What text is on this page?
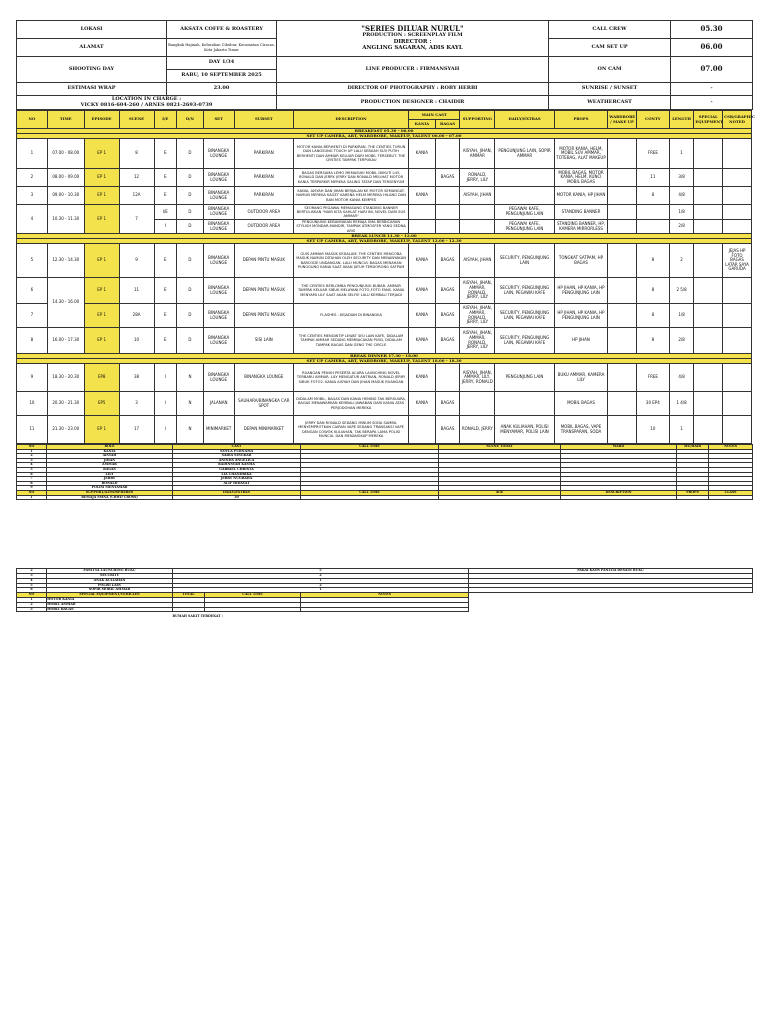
LOKASI	AKSATA COFFE & ROASTERY	"SERIES DILUAR NURUL"
PRODUCTION : SCREENPLAY FILM
DIRECTOR :
ANGLING SAGARAN, ADIS KAYL	CALL CREW	05.30
ALAMAT	Bangkok Hajinah, Kelurahan Cibubur, Kecamatan Ciracas, Kota Jakarta Timur		CAM SET UP	06.00
SHOOTING DAY	DAY 1/34	LINE PRODUCER : FIRMANSYAH	ON CAM	07.00
	RABU, 10 SEPTEMBER 2025			
ESTIMASI WRAP	23.00	DIRECTOR OF PHOTOGRAPHY : ROBY HERBI	SUNRISE / SUNSET	-

LOCATION IN CHARGE :
VICKY 0816-604-260 / ARNES 0821-2693-0739		PRODUCTION DESIGNER : CHAIDIR	WEATHERCAST	-
NO	TIME	EPISODE	SCENE	I/E	D/N	SET	SUBSET	DESCRIPTION	MAIN CAST		SUPPORTING	DAILY/EXTRAS	PROPS	WARDROBE / MAKE UP	CONTY	LENGTH	SPECIAL EQUIPMENT	CSR/GRAPHIC NOTED
									KANIA	BAGAS								
BREAKFAST 05.30 - 06.00																		
SET UP CAMERA, ART, WARDROBE, MAKEUP, TALENT 06.00 - 07.00																		
1	07.00 - 08.00	EP 1	8	E	D	BINANGKA LOUNGE	PARKIRAN	MOTOR KANIA BERHENTI DI PARKIRAN. THE CENTIES TURUN DAN LANGSUNG TOUCH UP LALU SEBUAH SUV PUTIH BERHENTI DAN AMMAR KELUAR DARI MOBIL TERSEBUT. THE CENTIES TAMPAK TERPUKAU	KANIA		AISYAH, JIHAN, AMMAR	PENGUNJUNG LAIN, SOPIR AMMAR	MOTOR KANIA, HELM, MOBIL SUV AMMAR, TOTEBAG, ALAT MAKEUP		FREE	1		
2	08.00 - 09.00	EP 1	12	E	D	BINANGKA LOUNGE	PARKIRAN	BAGAS BERSAMA LEMO MEMASUKI MOBIL DIIKUTI LILY, RONALD DAN JERRY. JERRY DAN RONALD MELIHAT MOTOR KANIA TERPARKIR MEREKA SALING TATAP DAN TERSENYUM		BAGAS	RONALD, JERRY, LILY		MOBIL BAGAS, MOTOR KANIA, HELM, KUNCI MOBIL BAGAS		11	3/8		
3	09.00 - 10.30	EP 1	12A	E	D	BINANGKA LOUNGE	PARKIRAN	KANIA, AISYAH DAN JIHAN BERJALAN KE MOTOR SEMANGAT. NAMUN MEREKA KAGET KARENA HELM MEREKA HILANG DAN BAN MOTOR KANIA KEMPES	KANIA		AISYAH, JIHAN		MOTOR KANIA, HP JIHAN		8	4/8		
4	10.30 - 11.30	EP 1	7	I/E	D	BINANGKA LOUNGE	OUTDOOR AREA	SEORANG PEGAWAI MEMASANG STANDING BANNER BERTULISKAN "NIAR KITA SAHLAT HARI INI, NOVEL DARI SUS AMMAR"				PEGAWAI KAFE, PENGUNJUNG LAIN	STANDING BANNER			1/8		
				I	D	BINANGKA LOUNGE	OUTDOOR AREA	PENGUNJUNG KEBANYAKAN REMAJA SMA BERBICARAN STYLISH MONDAR-MANDIR, TAMPAK ATMOSFER YANG SEDNA ARIS				PEGAWAI KAFE, PENGUNJUNG LAIN	STANDING BANNER, HP, KAMERA MIRRORLESS			2/8		
BREAK LUNCH 11.30 - 12.00																		
SET UP CAMERA, ART, WARDROBE, MAKEUP, TALENT 12.00 - 12.30																		
5	12.30 - 14.30	EP 1	9	E	D	BINANGKA LOUNGE	DEPAN PINTU MASUK	GUIS AMMAR MASUK KEDALAM. THE CENTIES MENCOBA MASUK NAMUN DITAHAN OLEH SECURITY DAN MENANYAKAN BARCODE UNDANGAN. LALU MUNCUL BAGAS MENAHAN PUNGGUNG KANIA SAAT AKAN JATUH TERDORONG SATPAM	KANIA	BAGAS	AISYAH, JIHAN	SECURITY, PENGUNJUNG LAIN	TONGKAT SATPAM, HP BAGAS		8	2		JEJAS HP FOTO BAGAS LATAR SAYA GARUDA
6	14.30 - 16.00	EP 1	11	E	D	BINANGKA LOUNGE	DEPAN PINTU MASUK	THE CENTIES BERLOMBA PENGUNJUNG BUBAR. AMMAR TAMPAK KELUAR SIBUK MELAYANI FOTO-FOTO FANS. KANIA MENYAPA LILY SAAT AKAN SELFIE LALU KEMBALI TERJADI	KANIA	BAGAS	AISYAH, JIHAN, AMMAR, RONALD, JERRY, LILY	SECURITY, PENGUNJUNG LAIN, PEGAWAI KAFE	HP JIHAN, HP KANIA, HP PENGUNJUNG LAIN		8	2 5/8		
7		EP 1	28A	E	D	BINANGKA LOUNGE	DEPAN PINTU MASUK	FLASHES : KEJADIAN DI BINANGKA	KANIA	BAGAS	AISYAH, JIHAN, AMMAR, RONALD, JERRY, LILY	SECURITY, PENGUNJUNG LAIN, PEGAWAI KAFE	HP JIHAN, HP KANIA, HP PENGUNJUNG LAIN		8	1/8		
8	16.00 - 17.30	EP 1	10	E	D	BINANGKA LOUNGE	SISI LAIN	THE CENTIES MENGINTIP LEWAT SISI LAIN KAFE, DIDALAM TAMPAK AMMAR SEDANG MEMBACAKAN PUISI, DIDALAM TAMPAK BAGAS DAN GENG THE CIRCLE	KANIA	BAGAS	AISYAH, JIHAN, AMMAR, RONALD, JERRY, LILY	SECURITY, PENGUNJUNG LAIN, PEGAWAI KAFE	HP JIHAN		8	2/8		
BREAK DINNER 17.30 - 18.00																		
SET UP CAMERA, ART, WARDROBE, MAKEUP, TALENT 18.00 - 18.30																		
9	18.30 - 20.30	EP8	38	I	N	BINANGKA LOUNGE	BINANGKA LOUNGE	RUANGAN PENUH PESERTA ACARA LAUNCHING NOVEL TERBARU AMMAR. LILY MENGATUR ANTRIAN, RONALD JERRY SIBUK FOTO2. KANIA AISYAH DAN JIHAN MASUK RUANGAN	KANIA		AISYAH, JIHAN, AMMAR, LILY, JERRY, RONALD	PENGUNJUNG LAIN	BUKU AMMAR, KAMERA LILY		FREE	4/8		
10	20.30 - 21.30	EP5	3	I	N	JALANAN	SAUHARA/BINANGKA CAR SPOT	DIDALAM MOBIL, BAGAS DAN KANIA HENING TAK BERSUARA, BAGAS MENAWARKAN KEMBALI JAWABAN DARI KANIA ATAS PERJODOHAN MEREKA	KANIA	BAGAS			MOBIL BAGAS		30 EP4	1 4/8		
11	21.30 - 23.00	EP 1	17	I	N	MINIMARKET	DEPAN MINIMARKET	JERRY DAN RONALD SEDANG MINUM SODA SAMBIL MENYEMPROTKAN CAIRAN VAPE SEDANG TRANSAKSI VAPE DENGAN COWOK KULIAHAN, TAK BERAPA LAMA POLISI MUNCUL DAN MENANGKAP MEREKA		BAGAS	RONALD, JERRY	ANAK KULIAHAN, POLISI MENYAMAR, POLISI LAIN	MOBIL BAGAS, VAPE TRANSPARAN, SODA		10	1		
NO	ROLE	CAST	CALL TIME	SCENE TODAY	WARD	MU/HAIR	NOTES
1	KANIA	NOVLA PURNAMA					
2	AISYAH	SABIA SINGKAR					
3	JIHAN	ANINDA ANGELICA					
4	AMMAR	RADINSYAH KASMA					
5	BAGAS	GABRIEL CHRISTA					
6	LILY	LIA CHANDRIKA					
7	JERRY	JERRY NUGRAHA					
8	RONALD	ALIF HIDAYAT					
9	POLISI MENYAMAR						
NO	SUPPORT/ATMOSPHERES	DAILY/EXTRAS	CALL TIME	AGE	DESCRIPTION	PROPS	CLASS
1	REMAJA SMNA (CRWD CROSS)	30					
2	PANITYA LAUNCHING BUKU	5			PAKAI KAOS PANITIA DESAIN BUKU
3	SECURITY	2			
4	ANAK KULIAHAN	1			
5	POLISI LAIN	2			
6	SOPIR MOBIL AMMAR	1			
NO	SPECIAL EQUIPMENT/VEHICLES	TOTAL	CALL TIME	NOTES	
1	MOTOR KANIA				
2	MOBIL AMMAR				
3	MOBIL BAGAS				
		RUMAH SAKIT TERDEKAT :			
